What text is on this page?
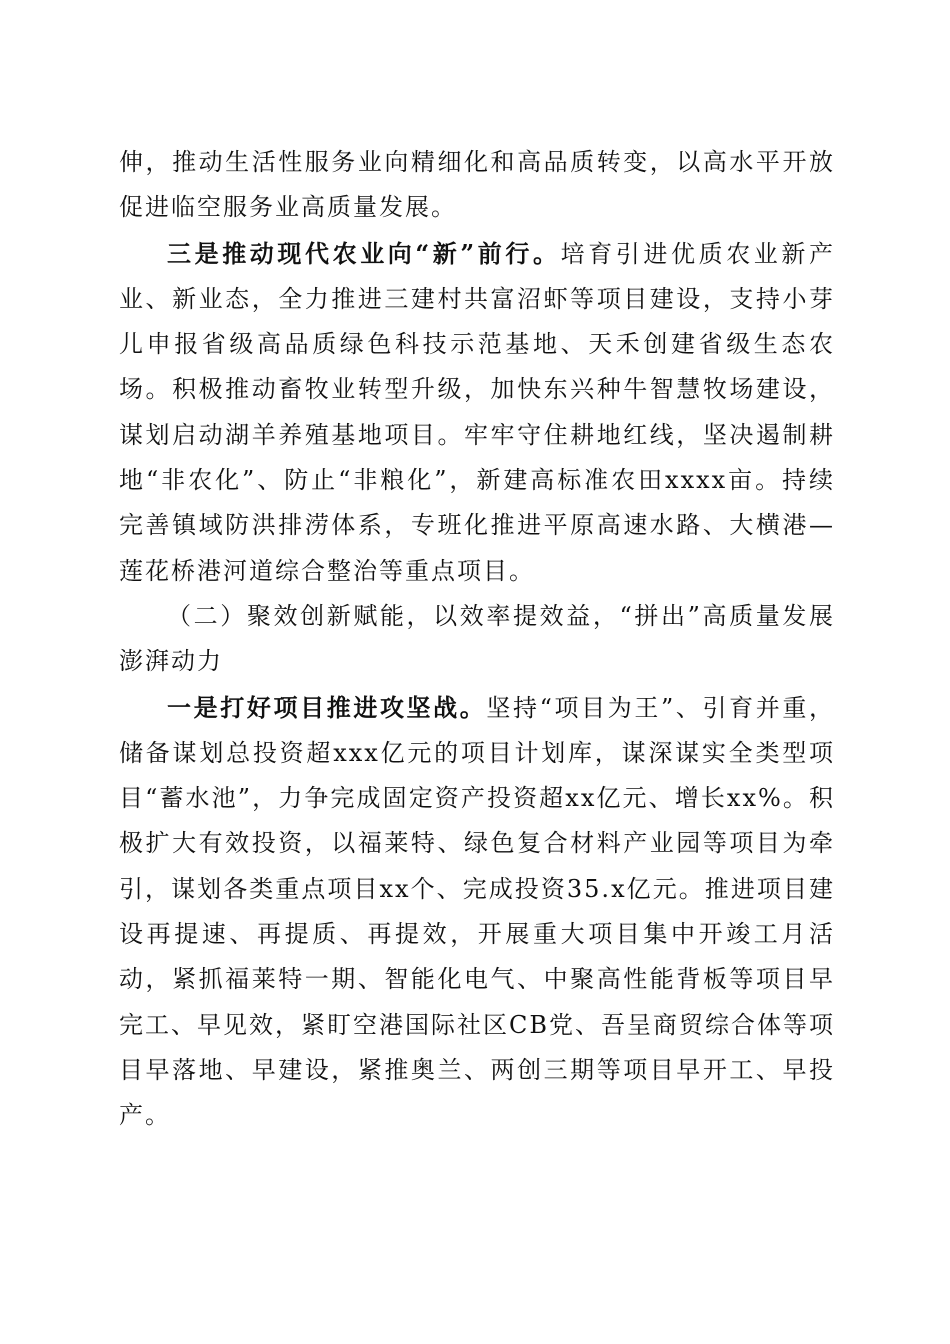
伸，推动生活性服务业向精细化和高品质转变，以高水平开放促进临空服务业高质量发展。

三是推动现代农业向“新”前行。培育引进优质农业新产业、新业态，全力推进三建村共富沼虾等项目建设，支持小芽儿申报省级高品质绿色科技示范基地、天禾创建省级生态农场。积极推动畜牧业转型升级，加快东兴种牛智慧牧场建设，谋划启动湖羊养殖基地项目。牢牢守住耕地红线，坚决遏制耕地“非农化”、防止“非粮化”，新建高标准农田xxxx亩。持续完善镇域防洪排涝体系，专班化推进平原高速水路、大横港—莲花桥港河道综合整治等重点项目。

（二）聚效创新赋能，以效率提效益，“拼出”高质量发展澎湃动力

一是打好项目推进攻坚战。坚持“项目为王”、引育并重，储备谋划总投资超xxx亿元的项目计划库，谋深谋实全类型项目“蓄水池”，力争完成固定资产投资超xx亿元、增长xx%。积极扩大有效投资，以福莱特、绿色复合材料产业园等项目为牵引，谋划各类重点项目xx个、完成投资35.x亿元。推进项目建设再提速、再提质、再提效，开展重大项目集中开竣工月活动，紧抓福莱特一期、智能化电气、中聚高性能背板等项目早完工、早见效，紧盯空港国际社区CB党、吾呈商贸综合体等项目早落地、早建设，紧推奥兰、两创三期等项目早开工、早投产。
